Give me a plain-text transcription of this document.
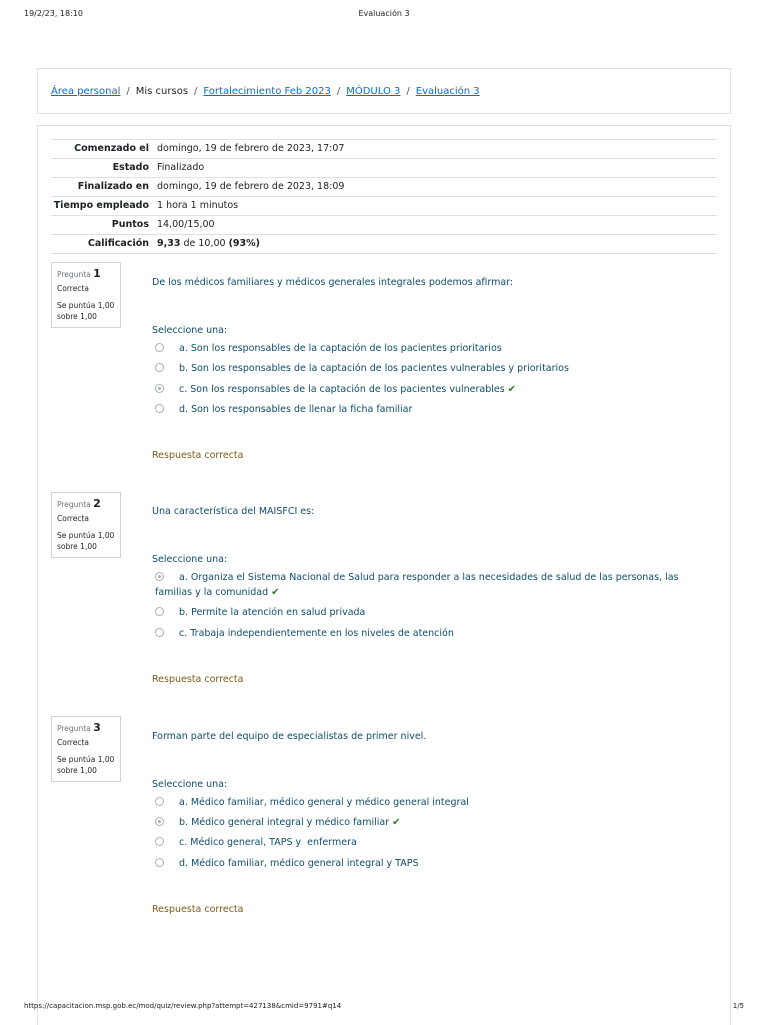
19/2/23, 18:10	Evaluación 3
Área personal / Mis cursos / Fortalecimiento Feb 2023 / MÓDULO 3 / Evaluación 3
Comenzado el	domingo, 19 de febrero de 2023, 17:07
Estado	Finalizado
Finalizado en	domingo, 19 de febrero de 2023, 18:09
Tiempo empleado	1 hora 1 minutos
Puntos	14,00/15,00
Calificación	9,33 de 10,00 (93%)
Pregunta 1
Correcta
Se puntúa 1,00 sobre 1,00
De los médicos familiares y médicos generales integrales podemos afirmar:
Seleccione una:
a. Son los responsables de la captación de los pacientes prioritarios
b. Son los responsables de la captación de los pacientes vulnerables y prioritarios
c. Son los responsables de la captación de los pacientes vulnerables ✔
d. Son los responsables de llenar la ficha familiar
Respuesta correcta
Pregunta 2
Correcta
Se puntúa 1,00 sobre 1,00
Una característica del MAISFCI es:
Seleccione una:
a. Organiza el Sistema Nacional de Salud para responder a las necesidades de salud de las personas, las familias y la comunidad ✔
b. Permite la atención en salud privada
c. Trabaja independientemente en los niveles de atención
Respuesta correcta
Pregunta 3
Correcta
Se puntúa 1,00 sobre 1,00
Forman parte del equipo de especialistas de primer nivel.
Seleccione una:
a. Médico familiar, médico general y médico general integral
b. Médico general integral y médico familiar ✔
c. Médico general, TAPS y  enfermera
d. Médico familiar, médico general integral y TAPS
Respuesta correcta
https://capacitacion.msp.gob.ec/mod/quiz/review.php?attempt=427138&cmid=9791#q14	1/5
